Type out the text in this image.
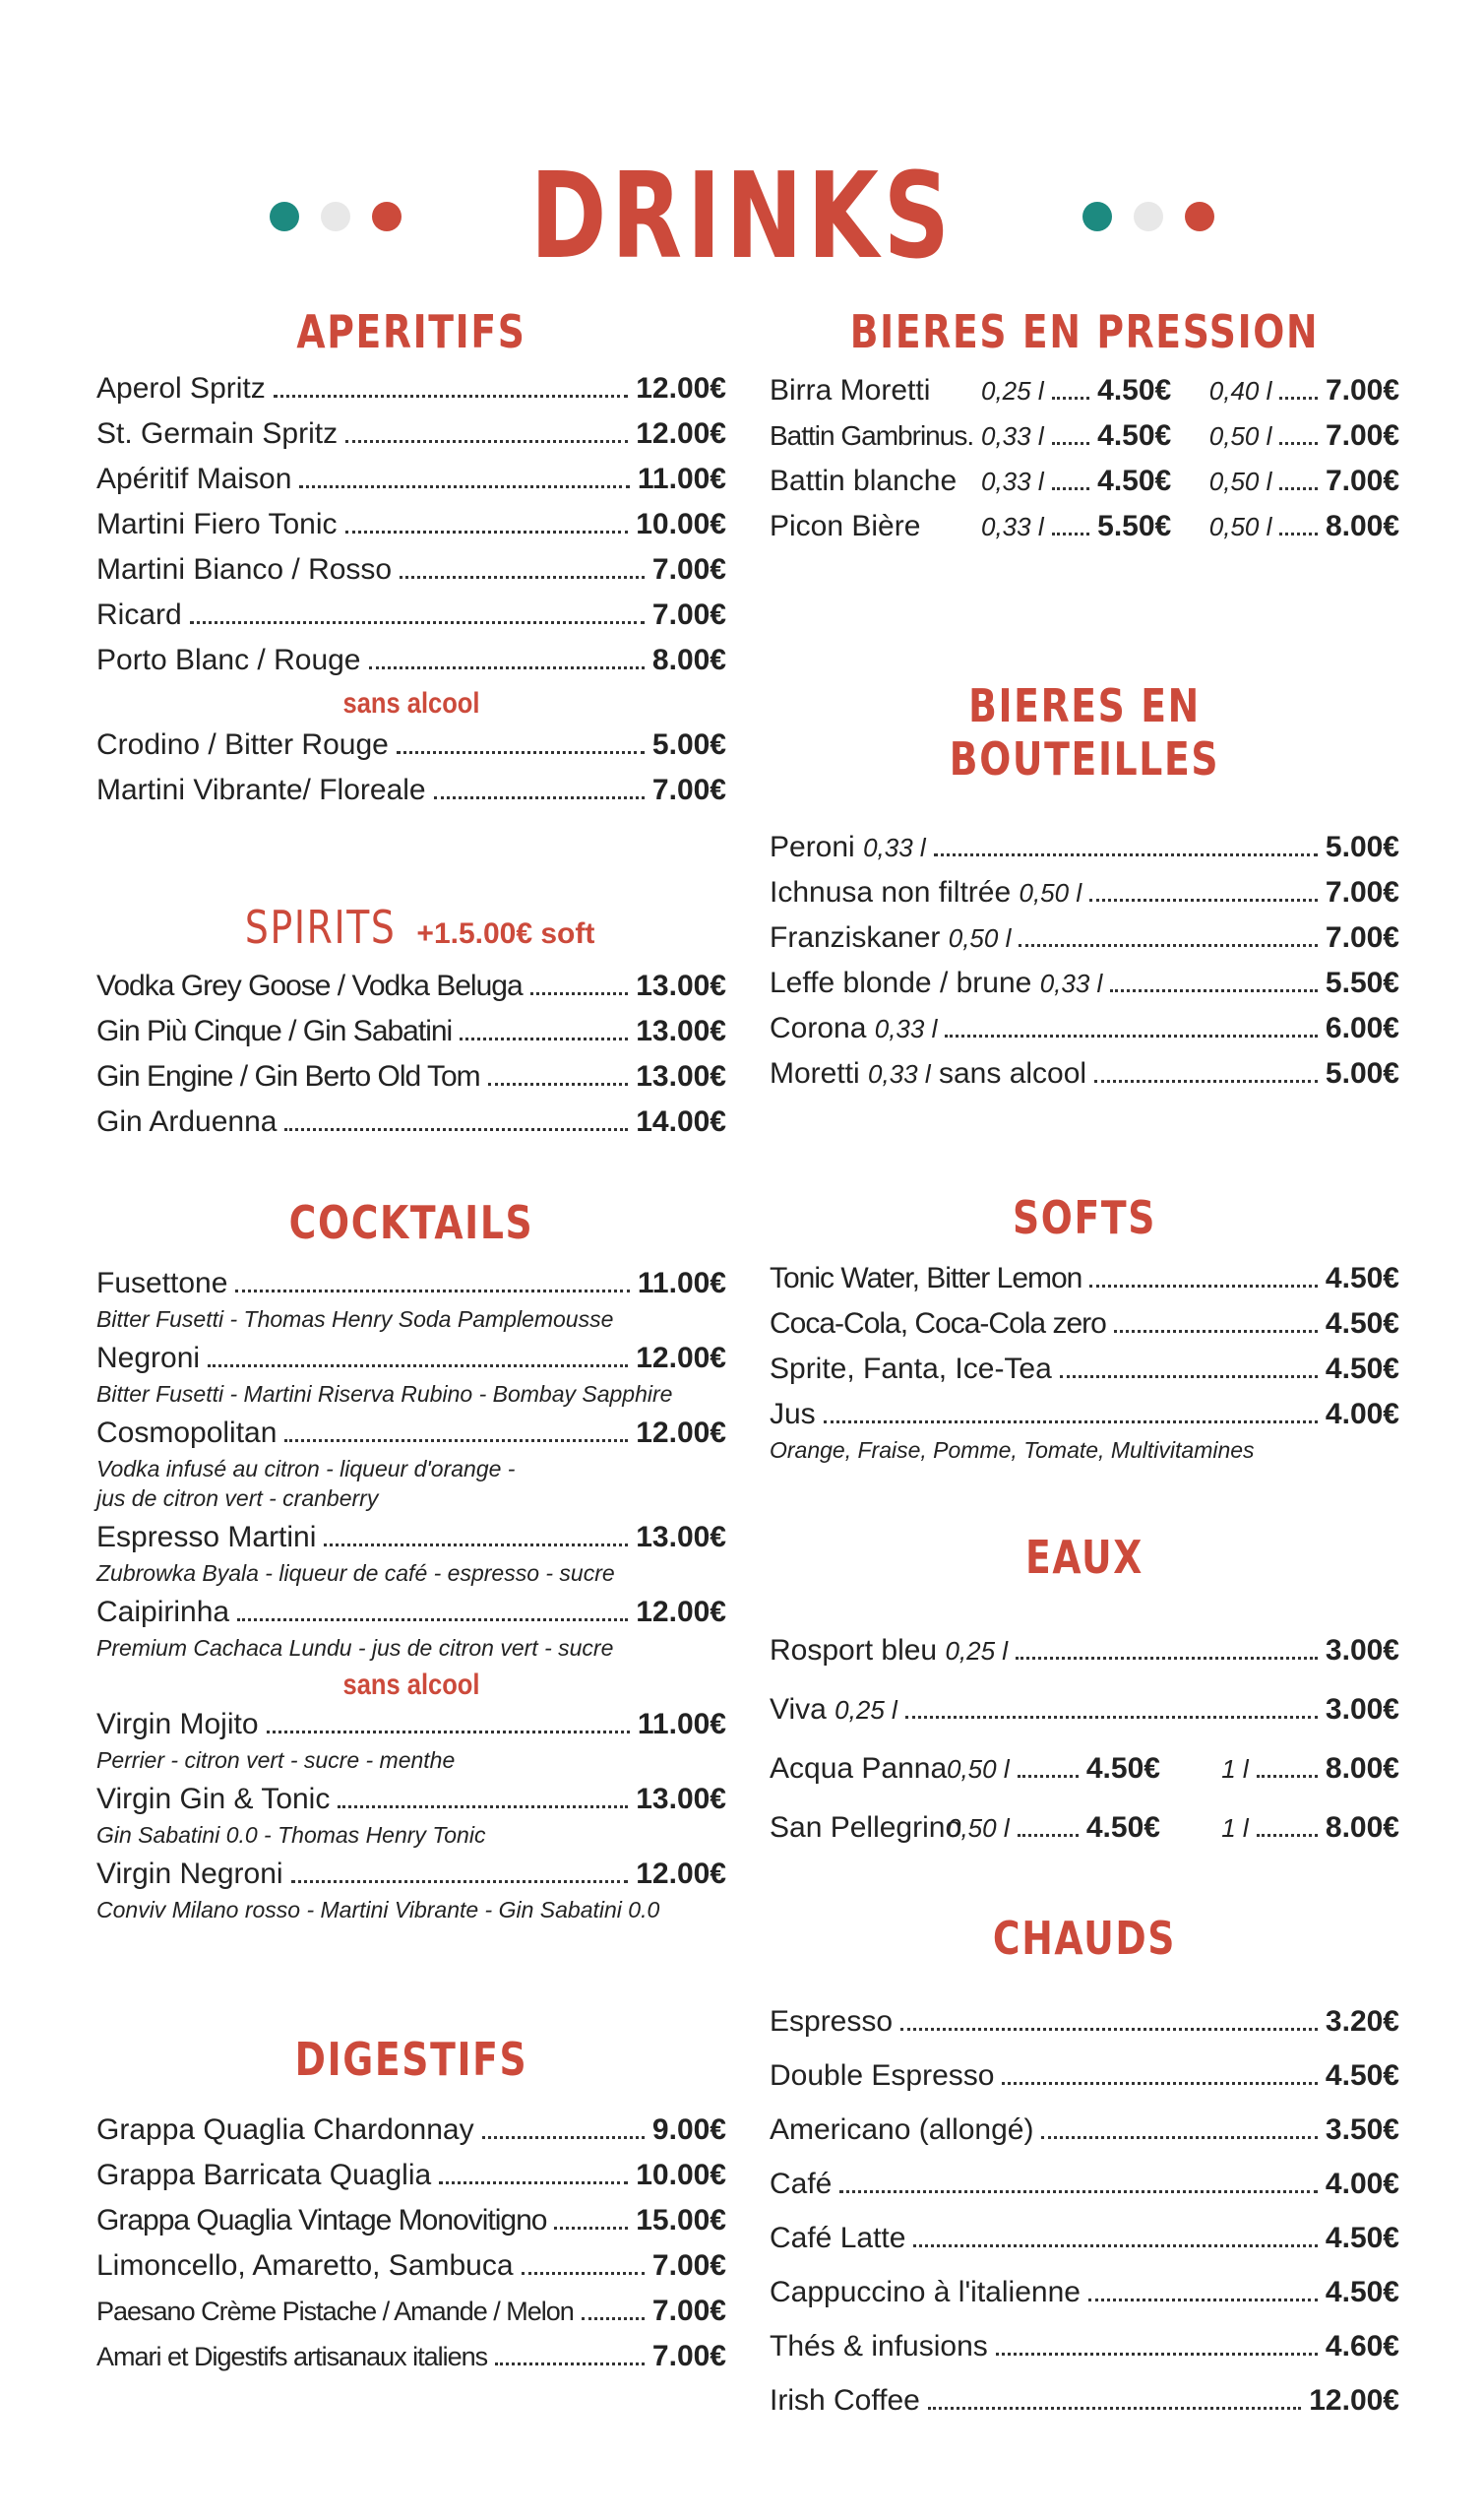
DRINKS
APERITIFS
Aperol Spritz	12.00€
St. Germain Spritz	12.00€
Apéritif Maison	11.00€
Martini Fiero Tonic	10.00€
Martini Bianco / Rosso	7.00€
Ricard	7.00€
Porto Blanc / Rouge	8.00€
sans alcool
Crodino / Bitter Rouge	5.00€
Martini Vibrante/ Floreale	7.00€
SPIRITS +1.5.00€ soft
Vodka Grey Goose / Vodka Beluga	13.00€
Gin Più Cinque / Gin Sabatini	13.00€
Gin Engine / Gin Berto Old Tom	13.00€
Gin Arduenna	14.00€
COCKTAILS
Fusettone	11.00€
Bitter Fusetti - Thomas Henry Soda Pamplemousse
Negroni	12.00€
Bitter Fusetti - Martini Riserva Rubino - Bombay Sapphire
Cosmopolitan	12.00€
Vodka infusé au citron - liqueur d'orange -
jus de citron vert - cranberry
Espresso Martini	13.00€
Zubrowka Byala - liqueur de café - espresso - sucre
Caipirinha	12.00€
Premium Cachaca Lundu - jus de citron vert - sucre
sans alcool
Virgin Mojito	11.00€
Perrier - citron vert - sucre - menthe
Virgin Gin & Tonic	13.00€
Gin Sabatini 0.0 - Thomas Henry Tonic
Virgin Negroni	12.00€
Conviv Milano rosso - Martini Vibrante - Gin Sabatini 0.0
DIGESTIFS
Grappa Quaglia Chardonnay	9.00€
Grappa Barricata Quaglia	10.00€
Grappa Quaglia Vintage Monovitigno	15.00€
Limoncello, Amaretto, Sambuca	7.00€
Paesano Crème Pistache / Amande / Melon	7.00€
Amari et Digestifs artisanaux italiens	7.00€
BIERES EN PRESSION
Birra Moretti	0,25 l 4.50€ 0,40 l 7.00€
Battin Gambrinus. 0,33 l 4.50€ 0,50 l 7.00€
Battin blanche 0,33 l 4.50€ 0,50 l 7.00€
Picon Bière	0,33 l 5.50€ 0,50 l 8.00€
BIERES EN BOUTEILLES
Peroni
0,33 l	5.00€
Ichnusa non filtrée
0,50 l	7.00€
Franziskaner
0,50 l	7.00€
Leffe blonde / brune
0,33 l	5.50€
Corona
0,33 l	6.00€
Moretti
0,33 l
sans alcool	5.00€
SOFTS
Tonic Water, Bitter Lemon	4.50€
Coca-Cola, Coca-Cola zero	4.50€
Sprite, Fanta, Ice-Tea	4.50€
Jus	4.00€
Orange, Fraise, Pomme, Tomate, Multivitamines
EAUX
Rosport bleu
0,25 l	3.00€
Viva
0,25 l	3.00€
Acqua Panna 0,50 l	4.50€ 1 l	8.00€
San Pellegrino
0,50 l	4.50€ 1 l	8.00€
CHAUDS
Espresso	3.20€
Double Espresso	4.50€
Americano (allongé)	3.50€
Café	4.00€
Café Latte	4.50€
Cappuccino à l'italienne	4.50€
Thés & infusions	4.60€
Irish Coffee	12.00€
